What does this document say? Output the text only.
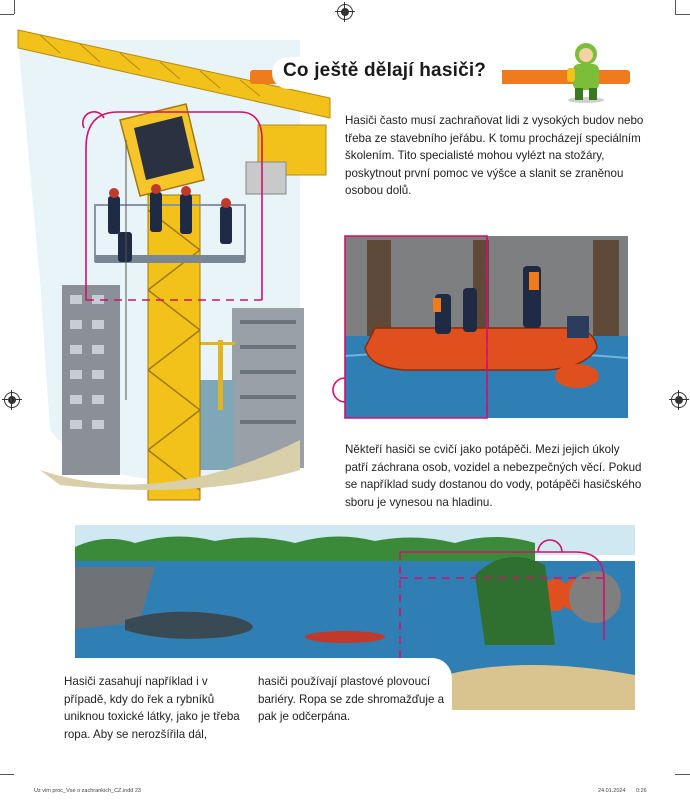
Co ještě dělají hasiči?

Hasiči často musí zachraňovat lidi z vysokých budov nebo třeba ze stavebního jeřábu. K tomu procházejí speciálním školením. Tito specialisté mohou vylézt na stožáry, poskytnout první pomoc ve výšce a slanit se zraněnou osobou dolů.

Někteří hasiči se cvičí jako potápěči. Mezi jejich úkoly patří záchrana osob, vozidel a nebezpečných věcí. Pokud se například sudy dostanou do vody, potápěči hasičského sboru je vynesou na hladinu.

Hasiči zasahují například i v případě, kdy do řek a rybníků uniknou toxické látky, jako je třeba ropa. Aby se nerozšířila dál,

hasiči používají plastové plovoucí bariéry. Ropa se zde shromažďuje a pak je odčerpána.

Uz vim proc_Vse o zachrankich_CZ.indd 23	24.01.2024 0:26
